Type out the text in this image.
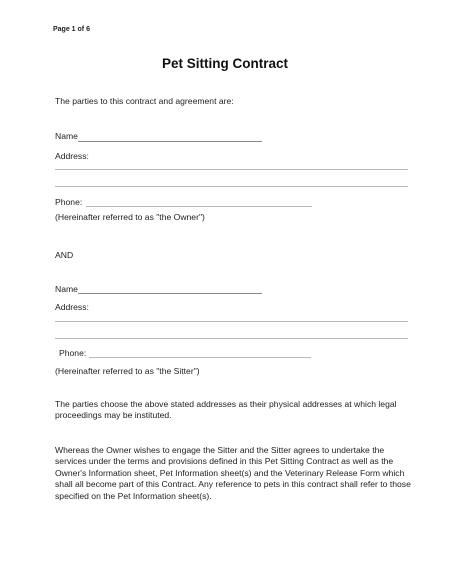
Page 1 of 6
Pet Sitting Contract
The parties to this contract and agreement are:
Name
Address:
Phone:
(Hereinafter referred to as "the Owner")
AND
Name
Address:
Phone:
(Hereinafter referred to as "the Sitter")
The parties choose the above stated addresses as their physical addresses at which legal proceedings may be instituted.
Whereas the Owner wishes to engage the Sitter and the Sitter agrees to undertake the services under the terms and provisions defined in this Pet Sitting Contract as well as the Owner's Information sheet, Pet Information sheet(s) and the Veterinary Release Form which shall all become part of this Contract. Any reference to pets in this contract shall refer to those specified on the Pet Information sheet(s).
